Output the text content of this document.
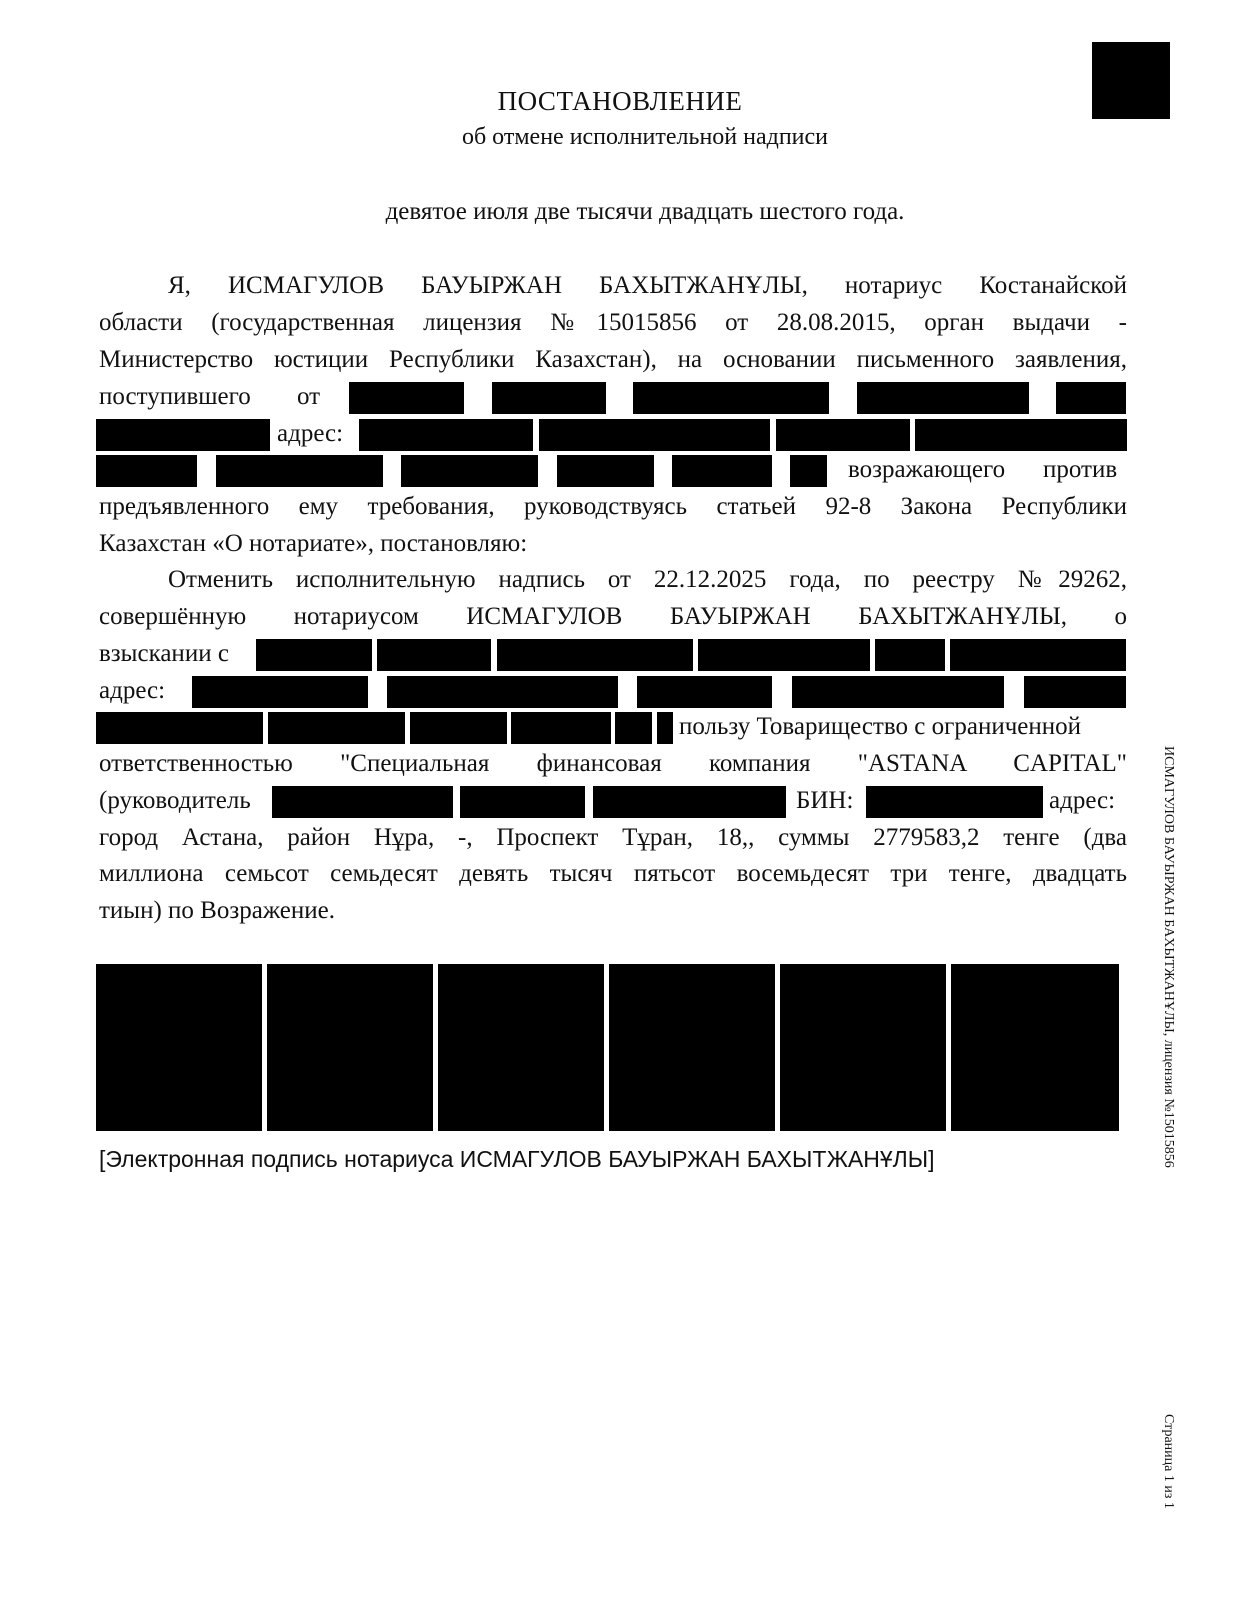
ПОСТАНОВЛЕНИЕ
об отмене исполнительной надписи
девятое июля две тысячи двадцать шестого года.
Я, ИСМАГУЛОВ БАУЫРЖАН БАХЫТЖАНҰЛЫ, нотариус Костанайской
области (государственная лицензия №15015856 от 28.08.2015, орган выдачи -
Министерство юстиции Республики Казахстан), на основании письменного заявления,
поступившего от
адрес:
возражающего против
предъявленного ему требования, руководствуясь статьей 92-8 Закона Республики
Казахстан «О нотариате», постановляю:
Отменить исполнительную надпись от 22.12.2025 года, по реестру №29262,
совершённую нотариусом ИСМАГУЛОВ БАУЫРЖАН БАХЫТЖАНҰЛЫ, о
взыскании с
адрес:
пользу Товарищество с ограниченной
ответственностью "Специальная финансовая компания "ASTANA CAPITAL"
(руководитель	БИН:	адрес:
город Астана, район Нұра, -, Проспект Тұран, 18,, суммы 2779583,2 тенге (два
миллиона семьсот семьдесят девять тысяч пятьсот восемьдесят три тенге, двадцать
тиын) по Возражение.
[Электронная подпись нотариуса ИСМАГУЛОВ БАУЫРЖАН БАХЫТЖАНҰЛЫ]	ИСМАГУЛОВ БАУЫРЖАН БАХЫТЖАНҰЛЫ, лицензия №15015856
Страница 1 из 1
